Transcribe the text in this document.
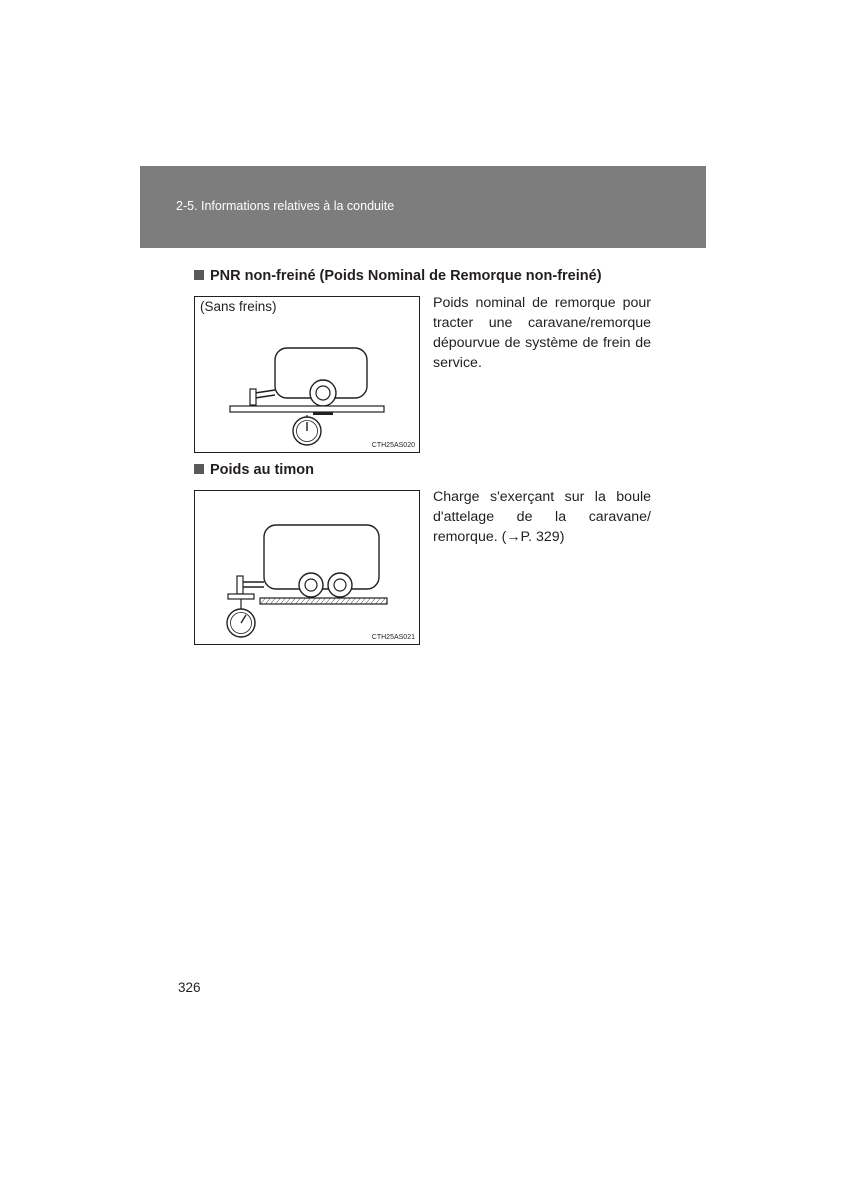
2-5. Informations relatives à la conduite
PNR non-freiné (Poids Nominal de Remorque non-freiné)
(Sans freins)
CTH25AS020
Poids nominal de remorque pour tracter une caravane/remorque dépourvue de système de frein de service.
Poids au timon
CTH25AS021
Charge s'exerçant sur la boule d'attelage de la caravane/ remorque. (→P. 329)
326
